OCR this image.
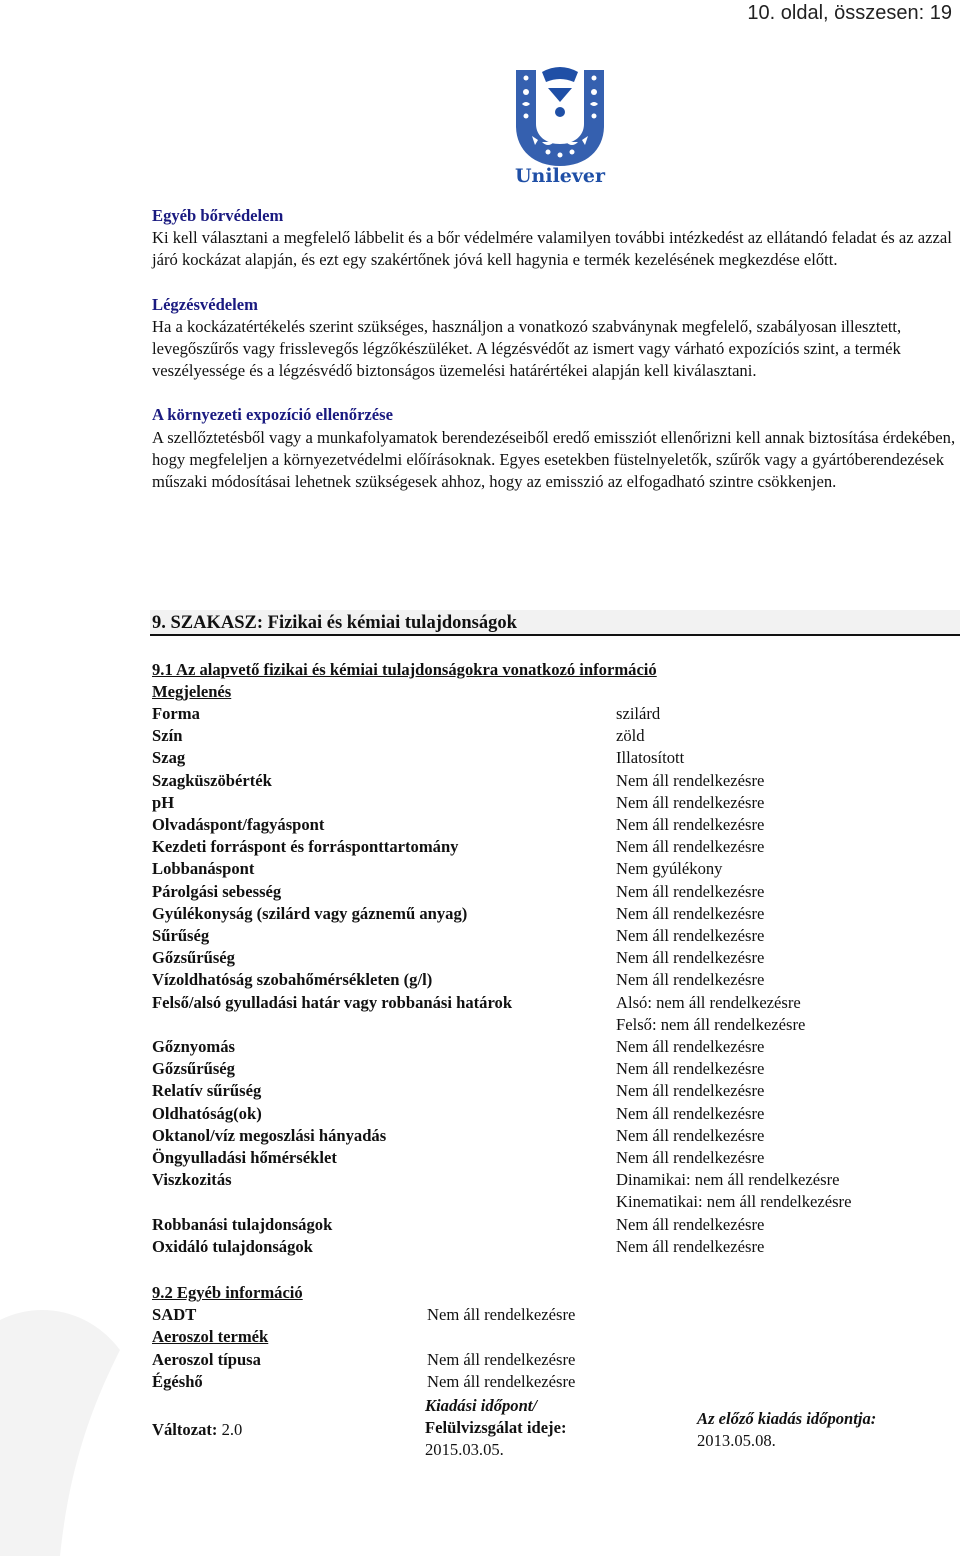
10. oldal, összesen: 19
Unilever

Egyéb bőrvédelem

Ki kell választani a megfelelő lábbelit és a bőr védelmére valamilyen további intézkedést az ellátandó feladat és az azzal járó kockázat alapján, és ezt egy szakértőnek jóvá kell hagynia e termék kezelésének megkezdése előtt.

Légzésvédelem

Ha a kockázatértékelés szerint szükséges, használjon a vonatkozó szabványnak megfelelő, szabályosan illesztett, levegőszűrős vagy frisslevegős légzőkészüléket. A légzésvédőt az ismert vagy várható expozíciós szint, a termék veszélyessége és a légzésvédő biztonságos üzemelési határértékei alapján kell kiválasztani.

A környezeti expozíció ellenőrzése

A szellőztetésből vagy a munkafolyamatok berendezéseiből eredő emissziót ellenőrizni kell annak biztosítása érdekében, hogy megfeleljen a környezetvédelmi előírásoknak. Egyes esetekben füstelnyeletők, szűrők vagy a gyártóberendezések műszaki módosításai lehetnek szükségesek ahhoz, hogy az emisszió az elfogadható szintre csökkenjen.

9. SZAKASZ: Fizikai és kémiai tulajdonságok
9.1 Az alapvető fizikai és kémiai tulajdonságokra vonatkozó információ
Megjelenés
Forma	szilárd
Szín	zöld
Szag	Illatosított
Szagküszöbérték	Nem áll rendelkezésre
pH	Nem áll rendelkezésre
Olvadáspont/fagyáspont	Nem áll rendelkezésre
Kezdeti forráspont és forrásponttartomány	Nem áll rendelkezésre
Lobbanáspont	Nem gyúlékony
Párolgási sebesség	Nem áll rendelkezésre
Gyúlékonyság (szilárd vagy gáznemű anyag)	Nem áll rendelkezésre
Sűrűség	Nem áll rendelkezésre
Gőzsűrűség	Nem áll rendelkezésre
Vízoldhatóság szobahőmérsékleten (g/l)	Nem áll rendelkezésre
Felső/alsó gyulladási határ vagy robbanási határok	Alsó: nem áll rendelkezésre
Felső: nem áll rendelkezésre
Gőznyomás	Nem áll rendelkezésre
Gőzsűrűség	Nem áll rendelkezésre
Relatív sűrűség	Nem áll rendelkezésre
Oldhatóság(ok)	Nem áll rendelkezésre
Oktanol/víz megoszlási hányadás	Nem áll rendelkezésre
Öngyulladási hőmérséklet	Nem áll rendelkezésre
Viszkozitás	Dinamikai: nem áll rendelkezésre
Kinematikai: nem áll rendelkezésre
Robbanási tulajdonságok	Nem áll rendelkezésre
Oxidáló tulajdonságok	Nem áll rendelkezésre
9.2 Egyéb információ
SADT	Nem áll rendelkezésre
Aeroszol termék
Aeroszol típusa	Nem áll rendelkezésre
Égéshő	Nem áll rendelkezésre
Változat: 2.0
Kiadási időpont/
Felülvizsgálat ideje:
2015.03.05.
Az előző kiadás időpontja:
2013.05.08.
